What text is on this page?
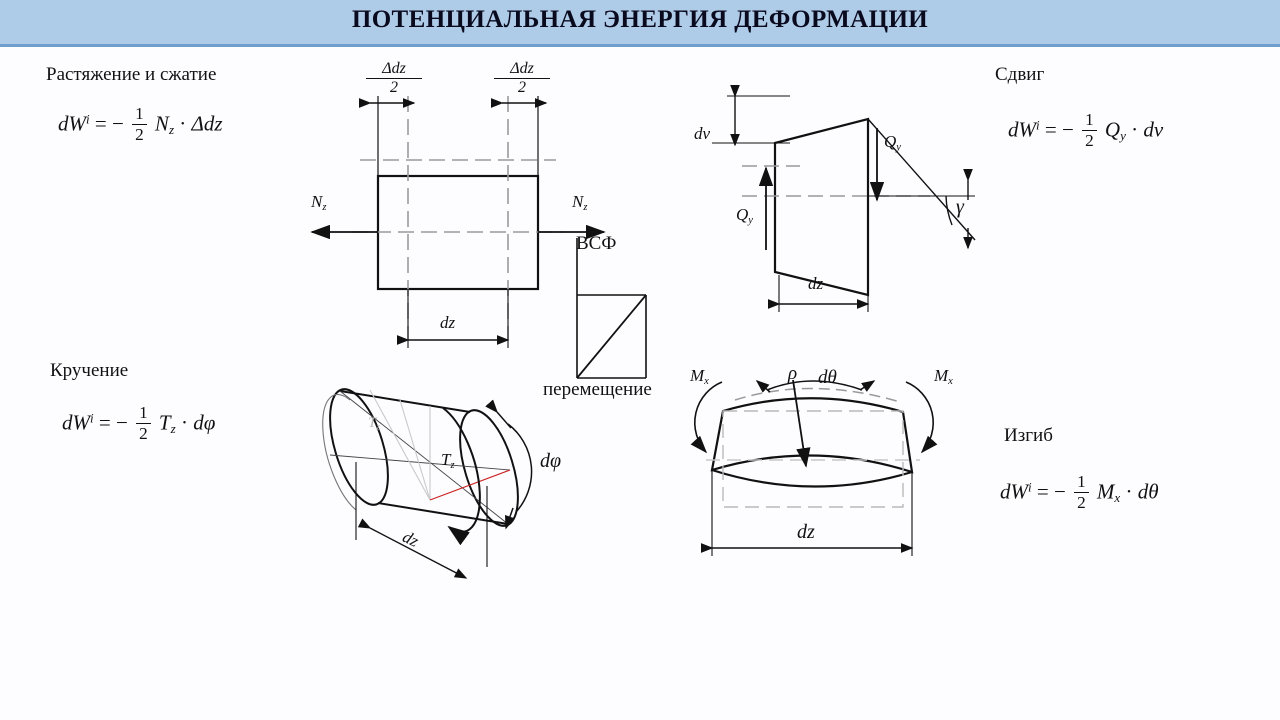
ПОТЕНЦИАЛЬНАЯ ЭНЕРГИЯ ДЕФОРМАЦИИ
Растяжение и сжатие
$dW^i$ = − $\frac{1}{2} N_z \cdot \Delta dz$
Δdz
2
Δdz
2
$N_z$	$N_z$
dz
ВСФ
перемещение
Сдвиг
$dW^i$ = − $\frac{1}{2} Q_y$ · dv
dv
$Q_y$
$Q_y$
γ
dz
Кручение
$dW^i$ = − $\frac{1}{2} T_z \cdot d\varphi$	$T_z$
$T_z$	dφ
dz
Изгиб
$dW^i$ = − $\frac{1}{2} M_x \cdot d\theta$
$M_x$	$M_x$
ρ dθ
dz
